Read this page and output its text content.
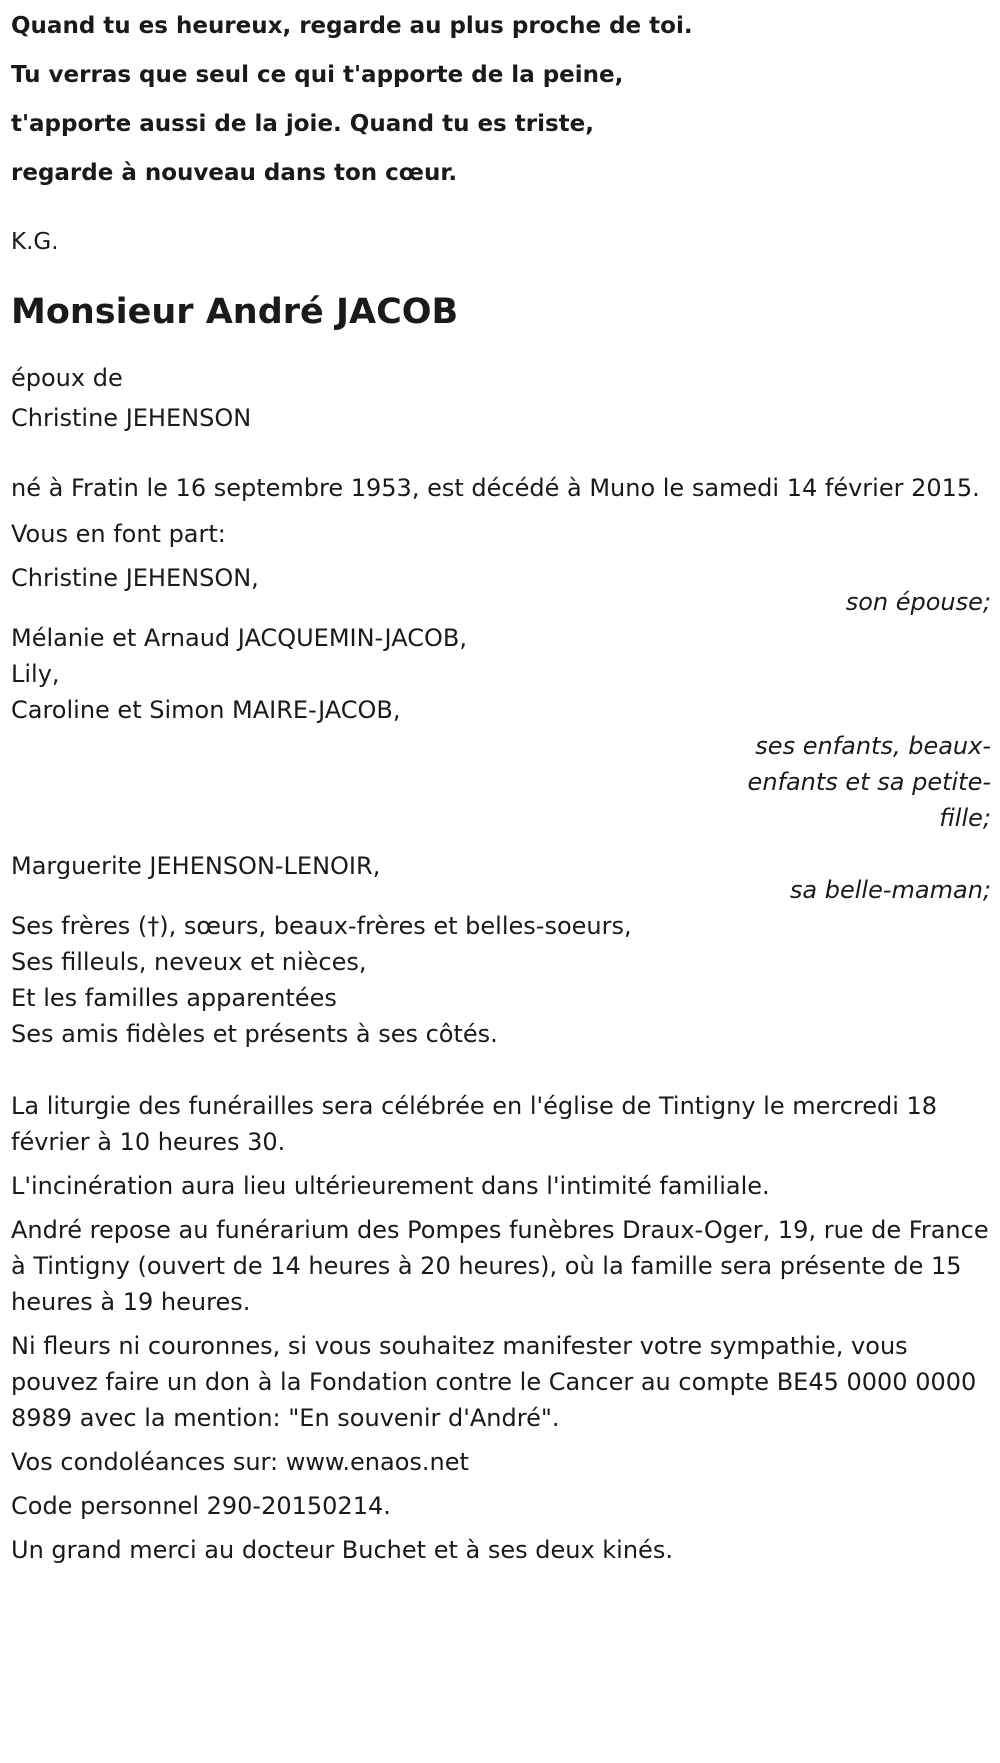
Quand tu es heureux, regarde au plus proche de toi.
Tu verras que seul ce qui t'apporte de la peine,
t'apporte aussi de la joie. Quand tu es triste,
regarde à nouveau dans ton cœur.
K.G.
Monsieur André JACOB
époux de
Christine JEHENSON

né à Fratin le 16 septembre 1953, est décédé à Muno le samedi 14 février 2015.

Vous en font part:
Christine JEHENSON,
son épouse;
Mélanie et Arnaud JACQUEMIN-JACOB,
Lily,
Caroline et Simon MAIRE-JACOB,
ses enfants, beaux-enfants et sa petite-fille;
Marguerite JEHENSON-LENOIR,
sa belle-maman;
Ses frères (†), sœurs, beaux-frères et belles-soeurs,
Ses filleuls, neveux et nièces,
Et les familles apparentées
Ses amis fidèles et présents à ses côtés.

La liturgie des funérailles sera célébrée en l'église de Tintigny le mercredi 18 février à 10 heures 30.

L'incinération aura lieu ultérieurement dans l'intimité familiale.

André repose au funérarium des Pompes funèbres Draux-Oger, 19, rue de France à Tintigny (ouvert de 14 heures à 20 heures), où la famille sera présente de 15 heures à 19 heures.

Ni fleurs ni couronnes, si vous souhaitez manifester votre sympathie, vous pouvez faire un don à la Fondation contre le Cancer au compte BE45 0000 0000 8989 avec la mention: "En souvenir d'André".

Vos condoléances sur: www.enaos.net

Code personnel 290-20150214.

Un grand merci au docteur Buchet et à ses deux kinés.
